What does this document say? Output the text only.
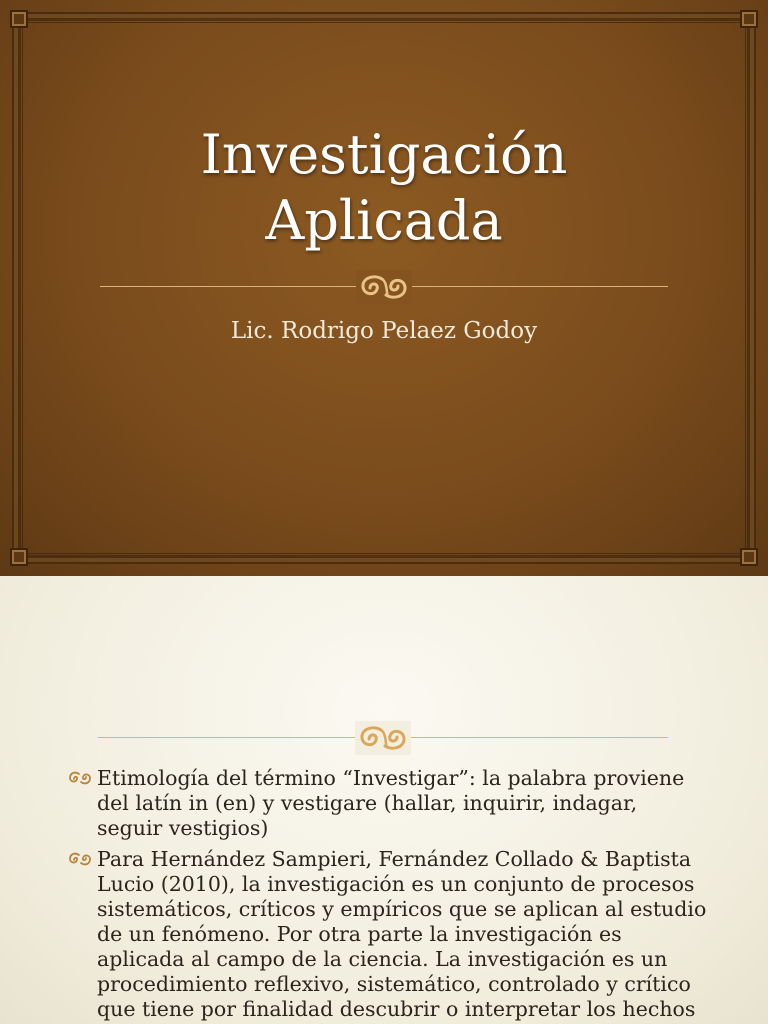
Investigación
Aplicada
Lic. Rodrigo Pelaez Godoy
Etimología del término “Investigar”: la palabra proviene
del latín in (en) y vestigare (hallar, inquirir, indagar,
seguir vestigios)
Para Hernández Sampieri, Fernández Collado & Baptista
Lucio (2010), la investigación es un conjunto de procesos
sistemáticos, críticos y empíricos que se aplican al estudio
de un fenómeno. Por otra parte la investigación es
aplicada al campo de la ciencia. La investigación es un
procedimiento reflexivo, sistemático, controlado y crítico
que tiene por finalidad descubrir o interpretar los hechos
